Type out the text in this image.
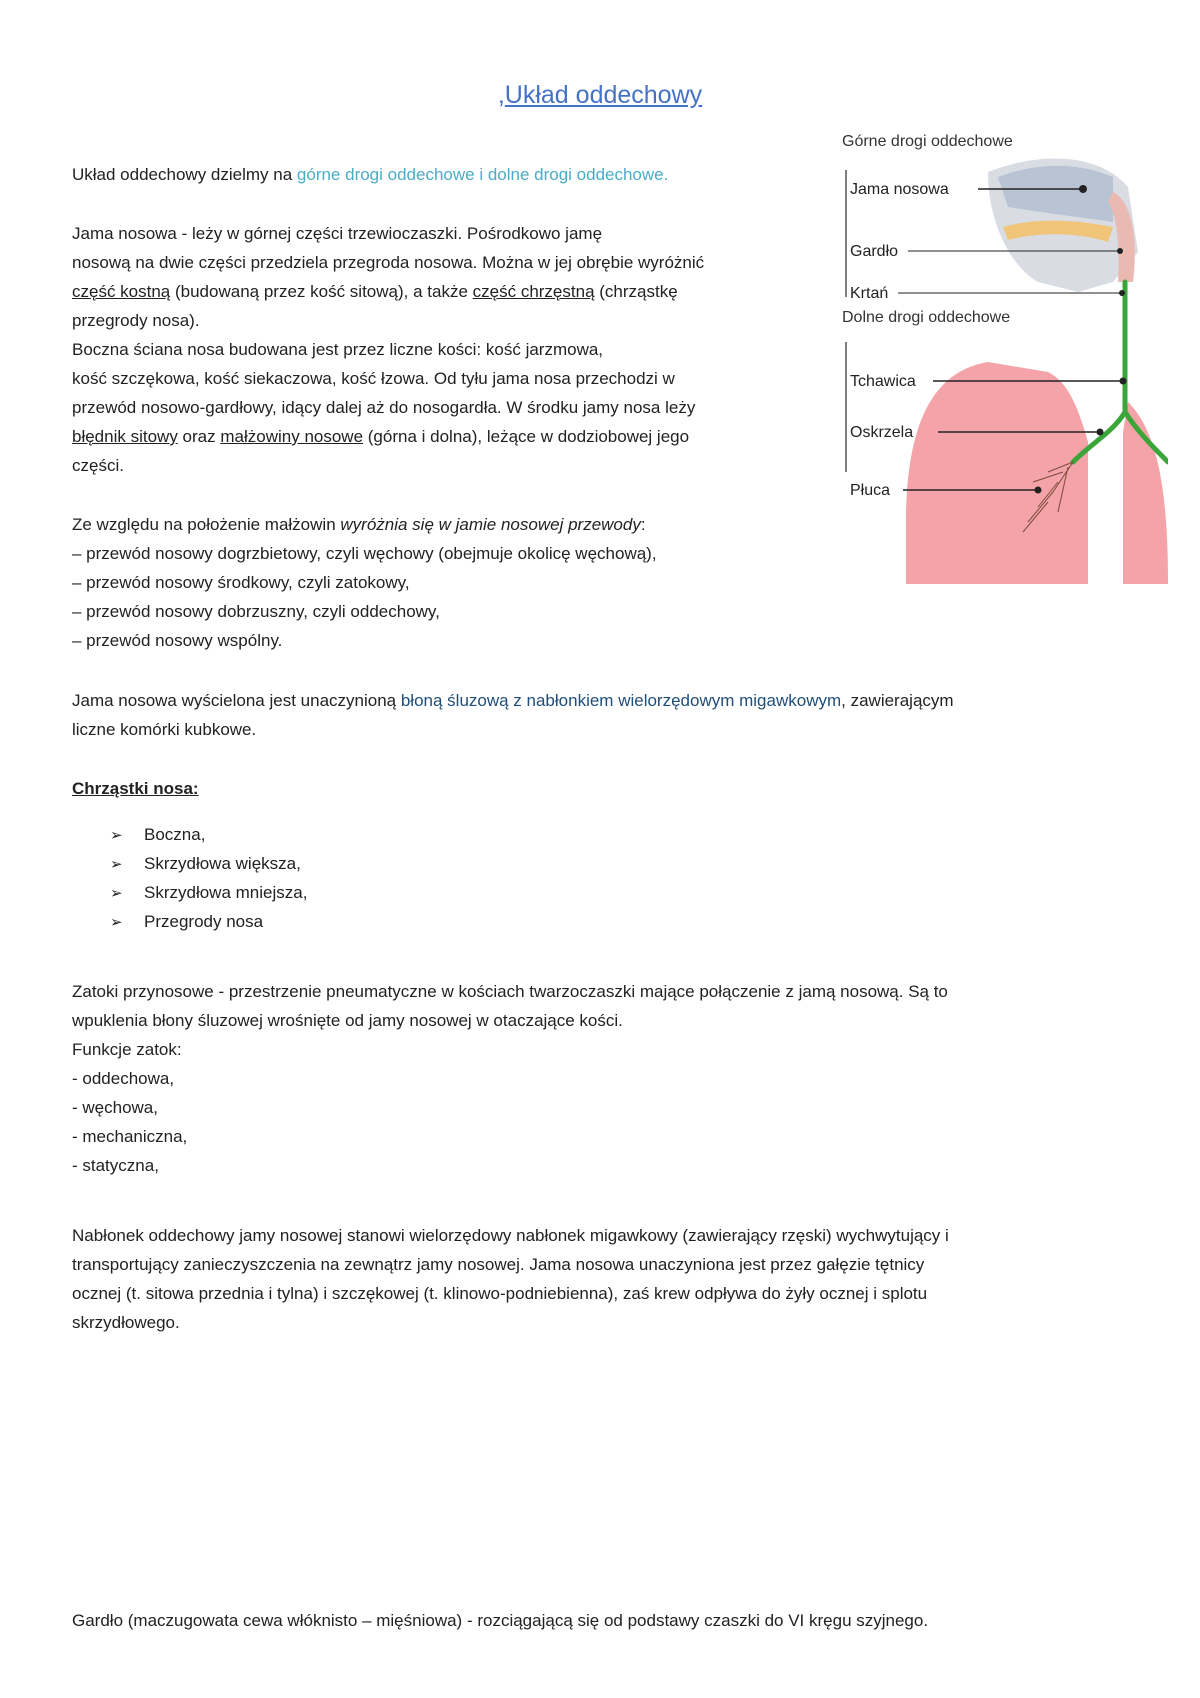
,Układ oddechowy
Układ oddechowy dzielmy na górne drogi oddechowe i dolne drogi oddechowe.
Jama nosowa - leży w górnej części trzewioczaszki. Pośrodkowo jamę
nosową na dwie części przedziela przegroda nosowa. Można w jej obrębie wyróżnić
część kostną (budowaną przez kość sitową), a także część chrzęstną (chrząstkę
przegrody nosa).
Boczna ściana nosa budowana jest przez liczne kości: kość jarzmowa,
kość szczękowa, kość siekaczowa, kość łzowa. Od tyłu jama nosa przechodzi w
przewód nosowo-gardłowy, idący dalej aż do nosogardła. W środku jamy nosa leży
błędnik sitowy oraz małżowiny nosowe (górna i dolna), leżące w dodziobowej jego
części.
Ze względu na położenie małżowin wyróżnia się w jamie nosowej przewody:
– przewód nosowy dogrzbietowy, czyli węchowy (obejmuje okolicę węchową),
– przewód nosowy środkowy, czyli zatokowy,
– przewód nosowy dobrzuszny, czyli oddechowy,
– przewód nosowy wspólny.
Jama nosowa wyścielona jest unaczynioną błoną śluzową z nabłonkiem wielorzędowym migawkowym, zawierającym
liczne komórki kubkowe.
Chrząstki nosa:
➢ Boczna,
➢ Skrzydłowa większa,
➢ Skrzydłowa mniejsza,
➢ Przegrody nosa
Zatoki przynosowe - przestrzenie pneumatyczne w kościach twarzoczaszki mające połączenie z jamą nosową. Są to
wpuklenia błony śluzowej wrośnięte od jamy nosowej w otaczające kości.
Funkcje zatok:
- oddechowa,
- węchowa,
- mechaniczna,
- statyczna,
Nabłonek oddechowy jamy nosowej stanowi wielorzędowy nabłonek migawkowy (zawierający rzęski) wychwytujący i
transportujący zanieczyszczenia na zewnątrz jamy nosowej. Jama nosowa unaczyniona jest przez gałęzie tętnicy
ocznej (t. sitowa przednia i tylna) i szczękowej (t. klinowo-podniebienna), zaś krew odpływa do żyły ocznej i splotu
skrzydłowego.
Gardło (maczugowata cewa włóknisto – mięśniowa) - rozciągającą się od podstawy czaszki do VI kręgu szyjnego.
Górne drogi oddechowe
Dolne drogi oddechowe
Jama nosowa
Gardło
Krtań
Tchawica
Oskrzela
Płuca
